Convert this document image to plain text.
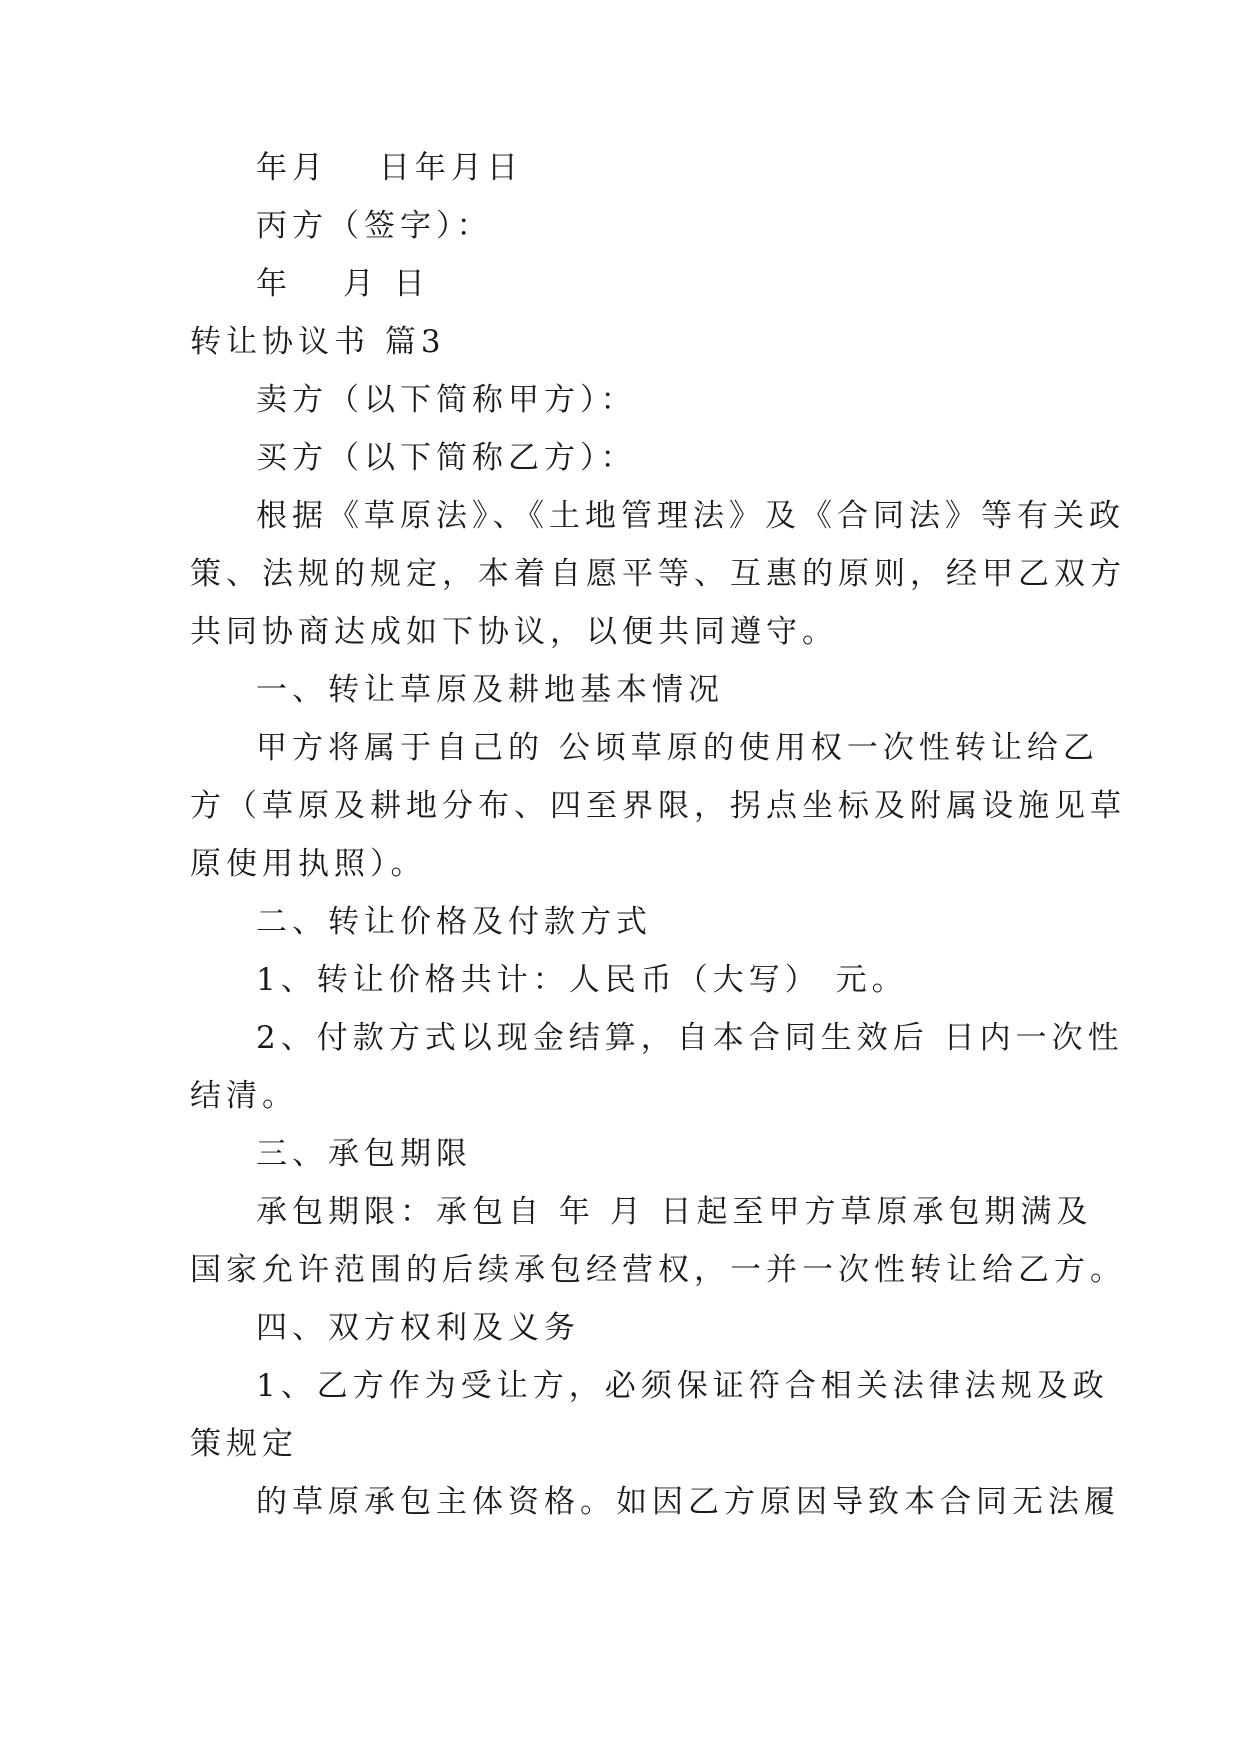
年月　 日年月日
丙方（签字）：
年　 月 日
转让协议书 篇3
卖方（以下简称甲方）：
买方（以下简称乙方）：
根据《草原法》、《土地管理法》及《合同法》等有关政
策、法规的规定，本着自愿平等、互惠的原则，经甲乙双方
共同协商达成如下协议，以便共同遵守。
一、转让草原及耕地基本情况
甲方将属于自己的 公顷草原的使用权一次性转让给乙
方（草原及耕地分布、四至界限，拐点坐标及附属设施见草
原使用执照）。
二、转让价格及付款方式
1、转让价格共计：人民币（大写） 元。
2、付款方式以现金结算，自本合同生效后 日内一次性
结清。
三、承包期限
承包期限：承包自 年 月 日起至甲方草原承包期满及
国家允许范围的后续承包经营权，一并一次性转让给乙方。
四、双方权利及义务
1、乙方作为受让方，必须保证符合相关法律法规及政
策规定
的草原承包主体资格。如因乙方原因导致本合同无法履
